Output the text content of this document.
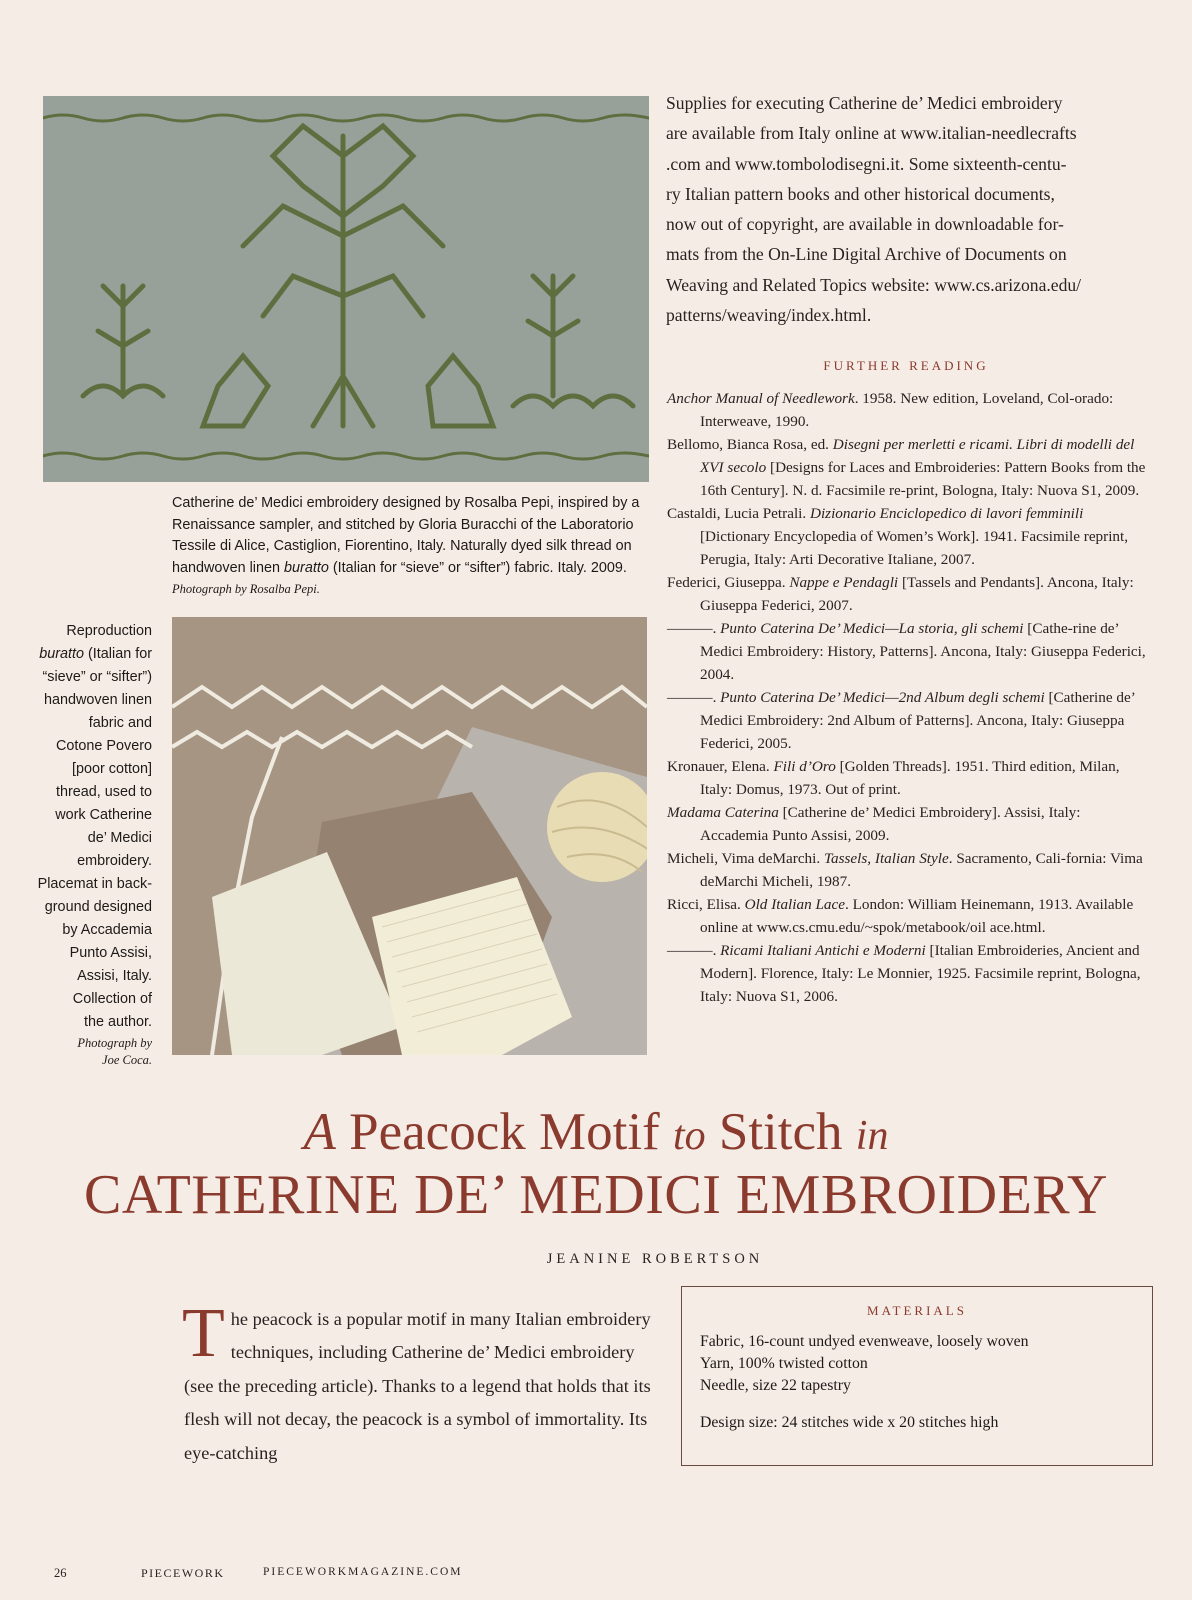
Catherine de’ Medici embroidery designed by Rosalba Pepi, inspired by a Renaissance sampler, and stitched by Gloria Buracchi of the Laboratorio Tessile di Alice, Castiglion, Fiorentino, Italy. Naturally dyed silk thread on handwoven linen buratto (Italian for “sieve” or “sifter”) fabric. Italy. 2009. Photograph by Rosalba Pepi.
Reproduction
buratto (Italian for
“sieve” or “sifter”)
handwoven linen
fabric and
Cotone Povero
[poor cotton]
thread, used to
work Catherine
de’ Medici
embroidery.
Placemat in back-
ground designed
by Accademia
Punto Assisi,
Assisi, Italy.
Collection of
the author.
Photograph by
Joe Coca.
Supplies for executing Catherine de’ Medici embroidery
are available from Italy online at www.italian-needlecrafts
.com and www.tombolodisegni.it. Some sixteenth-centu-
ry Italian pattern books and other historical documents,
now out of copyright, are available in downloadable for-
mats from the On-Line Digital Archive of Documents on
Weaving and Related Topics website: www.cs.arizona.edu/
patterns/weaving/index.html.
FURTHER READING
Anchor Manual of Needlework. 1958. New edition, Loveland, Col-orado: Interweave, 1990.
Bellomo, Bianca Rosa, ed. Disegni per merletti e ricami. Libri di modelli del XVI secolo [Designs for Laces and Embroideries: Pattern Books from the 16th Century]. N. d. Facsimile re-print, Bologna, Italy: Nuova S1, 2009.
Castaldi, Lucia Petrali. Dizionario Enciclopedico di lavori femminili [Dictionary Encyclopedia of Women’s Work]. 1941. Facsimile reprint, Perugia, Italy: Arti Decorative Italiane, 2007.
Federici, Giuseppa. Nappe e Pendagli [Tassels and Pendants]. Ancona, Italy: Giuseppa Federici, 2007.
———. Punto Caterina De’ Medici—La storia, gli schemi [Cathe-rine de’ Medici Embroidery: History, Patterns]. Ancona, Italy: Giuseppa Federici, 2004.
———. Punto Caterina De’ Medici—2nd Album degli schemi [Catherine de’ Medici Embroidery: 2nd Album of Patterns]. Ancona, Italy: Giuseppa Federici, 2005.
Kronauer, Elena. Fili d’Oro [Golden Threads]. 1951. Third edition, Milan, Italy: Domus, 1973. Out of print.
Madama Caterina [Catherine de’ Medici Embroidery]. Assisi, Italy: Accademia Punto Assisi, 2009.
Micheli, Vima deMarchi. Tassels, Italian Style. Sacramento, Cali-fornia: Vima deMarchi Micheli, 1987.
Ricci, Elisa. Old Italian Lace. London: William Heinemann, 1913. Available online at www.cs.cmu.edu/~spok/metabook/oil ace.html.
———. Ricami Italiani Antichi e Moderni [Italian Embroideries, Ancient and Modern]. Florence, Italy: Le Monnier, 1925. Facsimile reprint, Bologna, Italy: Nuova S1, 2006.
A Peacock Motif to Stitch in
CATHERINE DE’ MEDICI EMBROIDERY
JEANINE ROBERTSON
The peacock is a popular motif in many Italian embroidery techniques, including Catherine de’ Medici embroidery (see the preceding article). Thanks to a legend that holds that its flesh will not decay, the peacock is a symbol of immortality. Its eye-catching
MATERIALS
Fabric, 16-count undyed evenweave, loosely woven
Yarn, 100% twisted cotton
Needle, size 22 tapestry
Design size: 24 stitches wide x 20 stitches high
26	PIECEWORK	PIECEWORKMAGAZINE.COM
